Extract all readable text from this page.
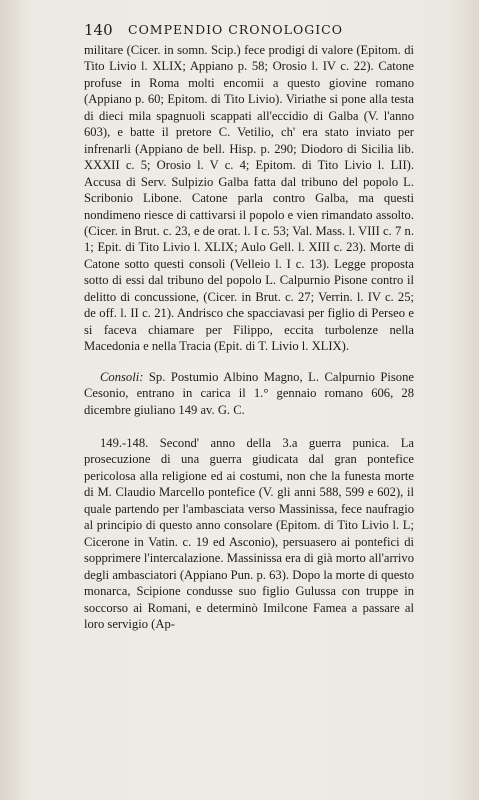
140 COMPENDIO CRONOLOGICO

militare (Cicer. in somn. Scip.) fece prodigi di valore (Epitom. di Tito Livio l. XLIX; Appiano p. 58; Orosio l. IV c. 22). Catone profuse in Roma molti encomii a questo giovine romano (Appiano p. 60; Epitom. di Tito Livio). Viriathe si pone alla testa di dieci mila spagnuoli scappati all'eccidio di Galba (V. l'anno 603), e batte il pretore C. Vetilio, ch' era stato inviato per infrenarli (Appiano de bell. Hisp. p. 290; Diodoro di Sicilia lib. XXXII c. 5; Orosio l. V c. 4; Epitom. di Tito Livio l. LII). Accusa di Serv. Sulpizio Galba fatta dal tribuno del popolo L. Scribonio Libone. Catone parla contro Galba, ma questi nondimeno riesce di cattivarsi il popolo e vien rimandato assolto. (Cicer. in Brut. c. 23, e de orat. l. I c. 53; Val. Mass. l. VIII c. 7 n. 1; Epit. di Tito Livio l. XLIX; Aulo Gell. l. XIII c. 23). Morte di Catone sotto questi consoli (Velleio l. I c. 13). Legge proposta sotto di essi dal tribuno del popolo L. Calpurnio Pisone contro il delitto di concussione, (Cicer. in Brut. c. 27; Verrin. l. IV c. 25; de off. l. II c. 21). Andrisco che spacciavasi per figlio di Perseo e si faceva chiamare per Filippo, eccita turbolenze nella Macedonia e nella Tracia (Epit. di T. Livio l. XLIX).

Consoli: Sp. Postumio Albino Magno, L. Calpurnio Pisone Cesonio, entrano in carica il 1.° gennaio romano 606, 28 dicembre giuliano 149 av. G. C.

149.-148. Second' anno della 3.a guerra punica. La prosecuzione di una guerra giudicata dal gran pontefice pericolosa alla religione ed ai costumi, non che la funesta morte di M. Claudio Marcello pontefice (V. gli anni 588, 599 e 602), il quale partendo per l'ambasciata verso Massinissa, fece naufragio al principio di questo anno consolare (Epitom. di Tito Livio l. L; Cicerone in Vatin. c. 19 ed Asconio), persuasero ai pontefici di sopprimere l'intercalazione. Massinissa era di già morto all'arrivo degli ambasciatori (Appiano Pun. p. 63). Dopo la morte di questo monarca, Scipione condusse suo figlio Gulussa con truppe in soccorso ai Romani, e determinò Imilcone Famea a passare al loro servigio (Ap-
